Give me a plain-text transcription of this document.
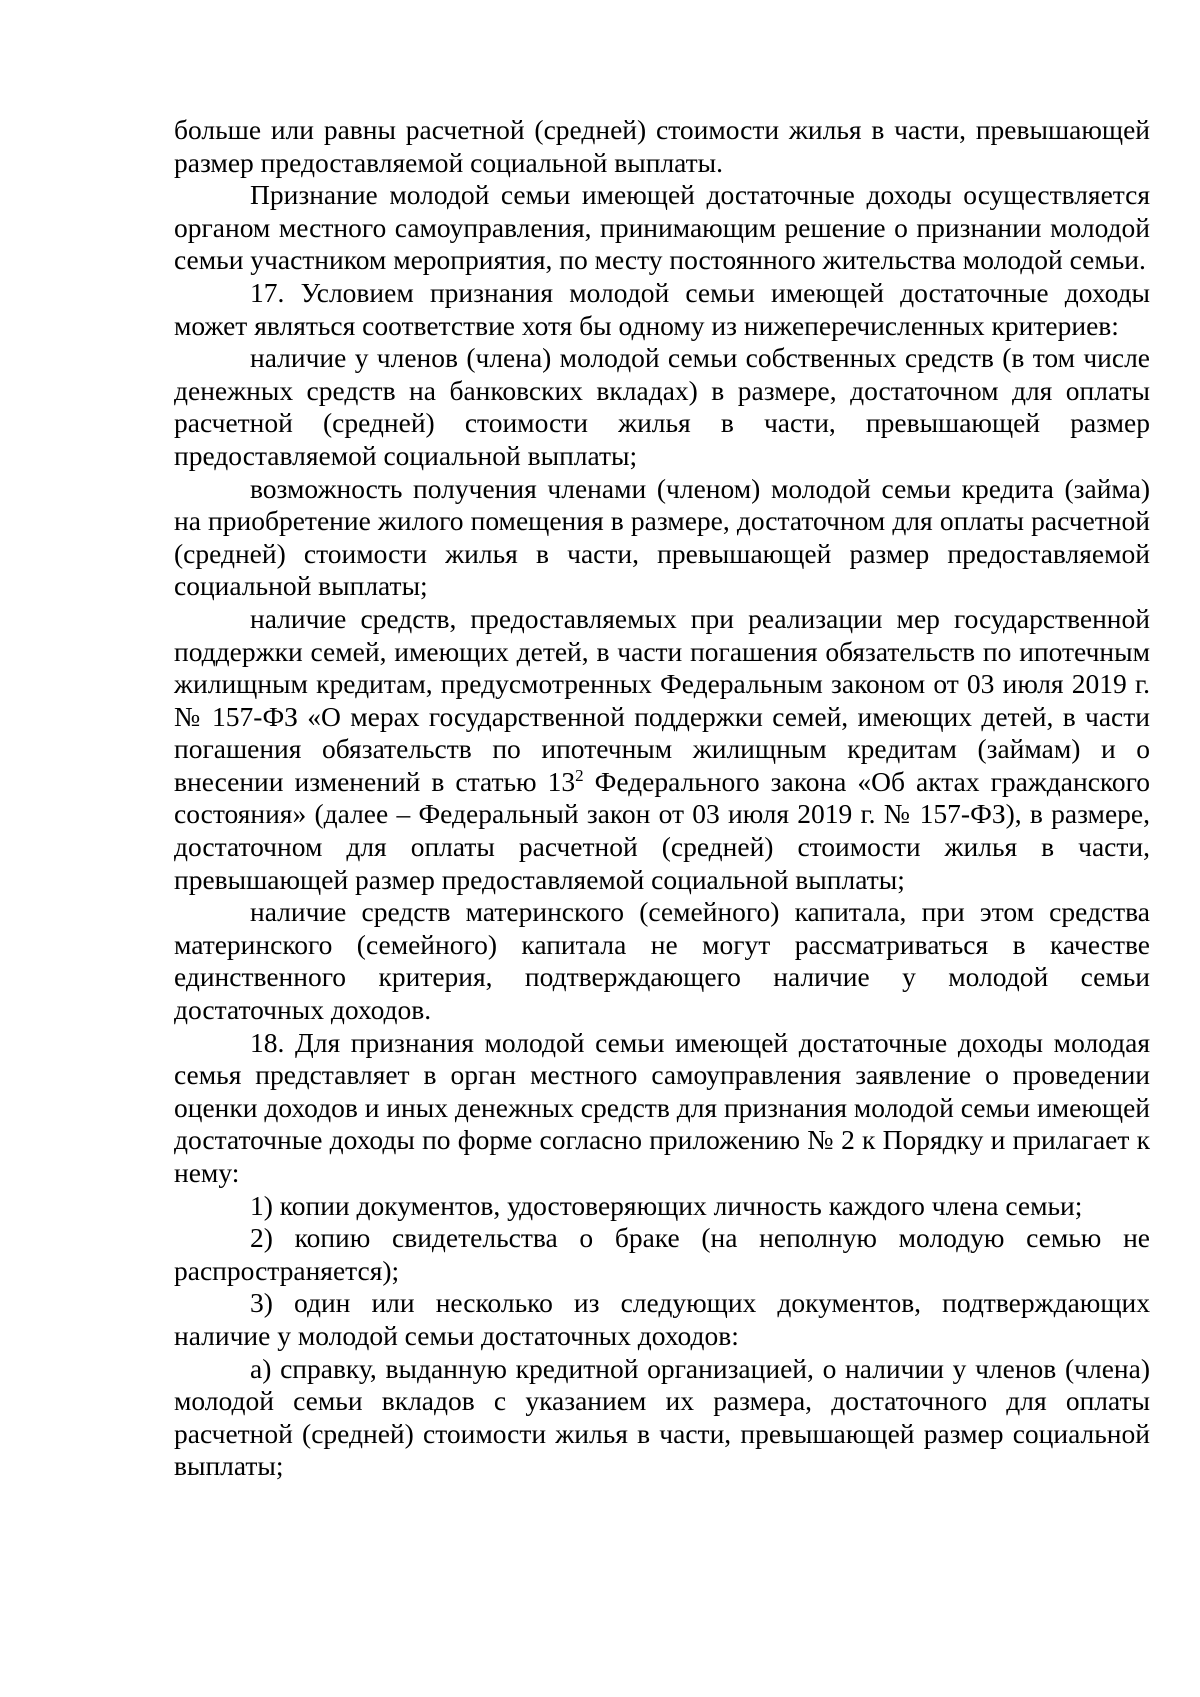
больше или равны расчетной (средней) стоимости жилья в части, превышающей размер предоставляемой социальной выплаты.

Признание молодой семьи имеющей достаточные доходы осуществляется органом местного самоуправления, принимающим решение о признании молодой семьи участником мероприятия, по месту постоянного жительства молодой семьи.

17. Условием признания молодой семьи имеющей достаточные доходы может являться соответствие хотя бы одному из нижеперечисленных критериев:

наличие у членов (члена) молодой семьи собственных средств (в том числе денежных средств на банковских вкладах) в размере, достаточном для оплаты расчетной (средней) стоимости жилья в части, превышающей размер предоставляемой социальной выплаты;

возможность получения членами (членом) молодой семьи кредита (займа) на приобретение жилого помещения в размере, достаточном для оплаты расчетной (средней) стоимости жилья в части, превышающей размер предоставляемой социальной выплаты;

наличие средств, предоставляемых при реализации мер государственной поддержки семей, имеющих детей, в части погашения обязательств по ипотечным жилищным кредитам, предусмотренных Федеральным законом от 03 июля 2019 г. № 157-ФЗ «О мерах государственной поддержки семей, имеющих детей, в части погашения обязательств по ипотечным жилищным кредитам (займам) и о внесении изменений в статью $13^2$ Федерального закона «Об актах гражданского состояния» (далее – Федеральный закон от 03 июля 2019 г. № 157-ФЗ), в размере, достаточном для оплаты расчетной (средней) стоимости жилья в части, превышающей размер предоставляемой социальной выплаты;

наличие средств материнского (семейного) капитала, при этом средства материнского (семейного) капитала не могут рассматриваться в качестве единственного критерия, подтверждающего наличие у молодой семьи достаточных доходов.

18. Для признания молодой семьи имеющей достаточные доходы молодая семья представляет в орган местного самоуправления заявление о проведении оценки доходов и иных денежных средств для признания молодой семьи имеющей достаточные доходы по форме согласно приложению № 2 к Порядку и прилагает к нему:

1) копии документов, удостоверяющих личность каждого члена семьи;

2) копию свидетельства о браке (на неполную молодую семью не распространяется);

3) один или несколько из следующих документов, подтверждающих наличие у молодой семьи достаточных доходов:

а) справку, выданную кредитной организацией, о наличии у членов (члена) молодой семьи вкладов с указанием их размера, достаточного для оплаты расчетной (средней) стоимости жилья в части, превышающей размер социальной выплаты;
